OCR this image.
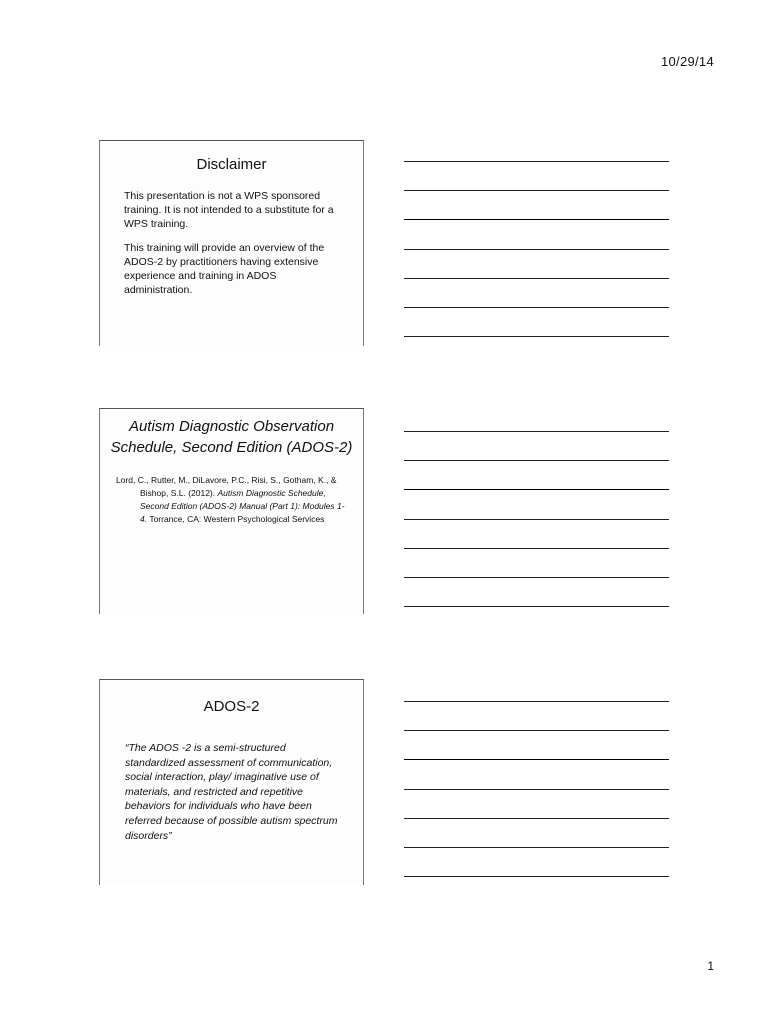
10/29/14
Disclaimer

This presentation is not a WPS sponsored training. It is not intended to a substitute for a WPS training.

This training will provide an overview of the ADOS-2 by practitioners having extensive experience and training in ADOS administration.

Autism Diagnostic Observation Schedule, Second Edition (ADOS-2)

Lord, C., Rutter, M., DiLavore, P.C., Risi, S., Gotham, K., & Bishop, S.L. (2012). Autism Diagnostic Schedule, Second Edition (ADOS-2) Manual (Part 1): Modules 1-4. Torrance, CA: Western Psychological Services

ADOS-2

“The ADOS -2 is a semi-structured standardized assessment of communication, social interaction, play/ imaginative use of materials, and restricted and repetitive behaviors for individuals who have been referred because of possible autism spectrum disorders”

1
